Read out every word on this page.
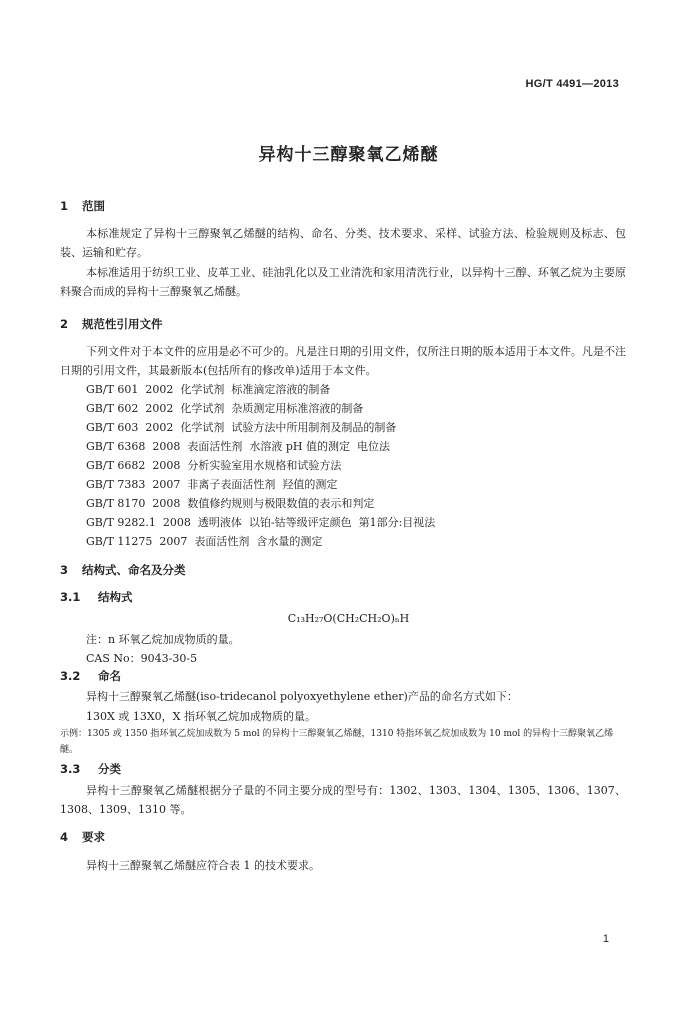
HG/T 4491—2013
异构十三醇聚氧乙烯醚
1 范围
本标准规定了异构十三醇聚氧乙烯醚的结构、命名、分类、技术要求、采样、试验方法、检验规则及标志、包装、运输和贮存。
本标准适用于纺织工业、皮革工业、硅油乳化以及工业清洗和家用清洗行业，以异构十三醇、环氧乙烷为主要原料聚合而成的异构十三醇聚氧乙烯醚。
2 规范性引用文件
下列文件对于本文件的应用是必不可少的。凡是注日期的引用文件，仅所注日期的版本适用于本文件。凡是不注日期的引用文件，其最新版本(包括所有的修改单)适用于本文件。
GB/T 601  2002  化学试剂  标准滴定溶液的制备
GB/T 602  2002  化学试剂  杂质测定用标准溶液的制备
GB/T 603  2002  化学试剂  试验方法中所用制剂及制品的制备
GB/T 6368  2008  表面活性剂  水溶液 pH 值的测定  电位法
GB/T 6682  2008  分析实验室用水规格和试验方法
GB/T 7383  2007  非离子表面活性剂  羟值的测定
GB/T 8170  2008  数值修约规则与极限数值的表示和判定
GB/T 9282.1  2008  透明液体  以铂-钴等级评定颜色  第1部分:目视法
GB/T 11275  2007  表面活性剂  含水量的测定
3 结构式、命名及分类
3.1 结构式
C₁₃H₂₇O(CH₂CH₂O)ₙH
注：n 环氧乙烷加成物质的量。
CAS No：9043-30-5
3.2 命名
异构十三醇聚氧乙烯醚(iso-tridecanol polyoxyethylene ether)产品的命名方式如下：
130X 或 13X0，X 指环氧乙烷加成物质的量。
示例：1305 或 1350 指环氧乙烷加成数为 5 mol 的异构十三醇聚氧乙烯醚，1310 特指环氧乙烷加成数为 10 mol 的异构十三醇聚氧乙烯醚。
3.3 分类
异构十三醇聚氧乙烯醚根据分子量的不同主要分成的型号有：1302、1303、1304、1305、1306、1307、1308、1309、1310 等。
4 要求
异构十三醇聚氧乙烯醚应符合表 1 的技术要求。
1
